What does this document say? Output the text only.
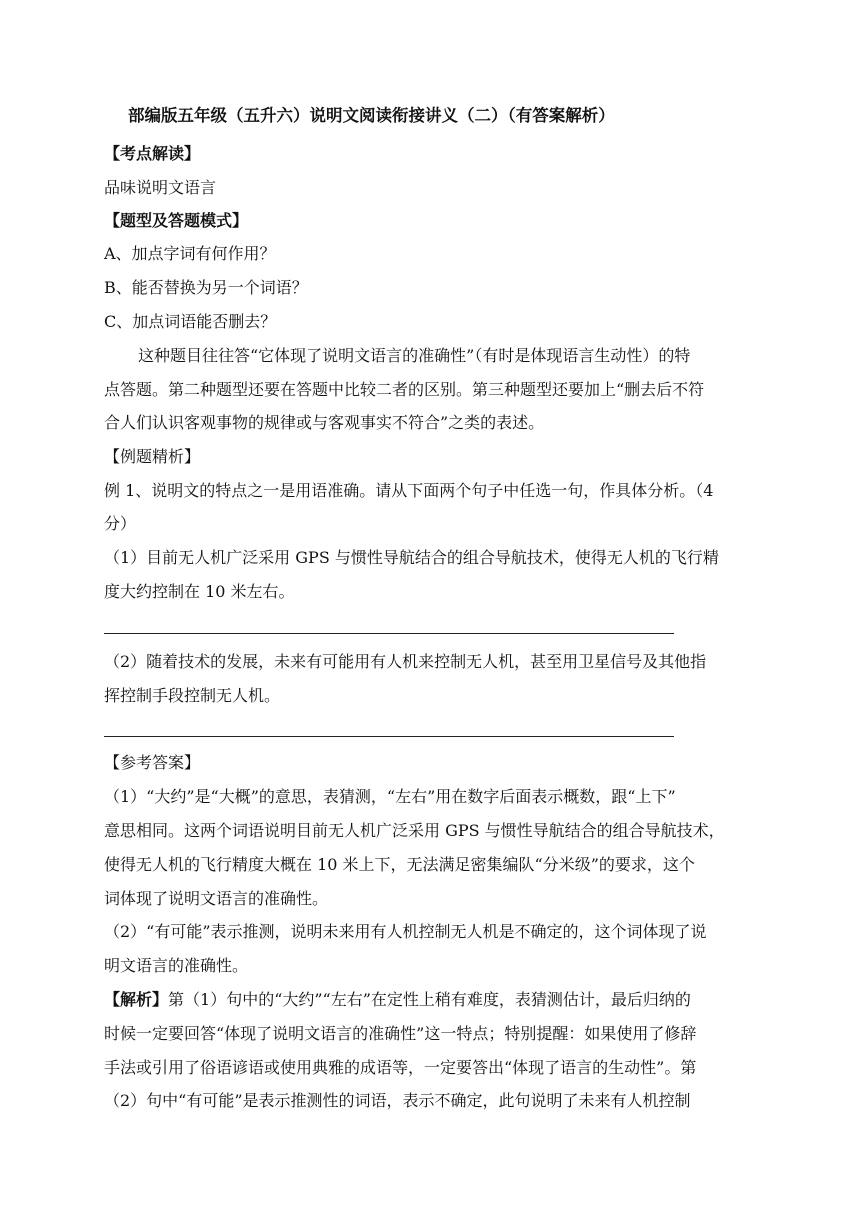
部编版五年级（五升六）说明文阅读衔接讲义（二）（有答案解析）
【考点解读】
品味说明文语言
【题型及答题模式】
A、加点字词有何作用？
B、能否替换为另一个词语？
C、加点词语能否删去？
这种题目往往答“它体现了说明文语言的准确性”（有时是体现语言生动性）的特
点答题。第二种题型还要在答题中比较二者的区别。第三种题型还要加上“删去后不符
合人们认识客观事物的规律或与客观事实不符合”之类的表述。
【例题精析】
例 1、说明文的特点之一是用语准确。请从下面两个句子中任选一句，作具体分析。（4
分）
（1）目前无人机广泛采用 GPS 与惯性导航结合的组合导航技术，使得无人机的飞行精
度大约控制在 10 米左右。
（2）随着技术的发展，未来有可能用有人机来控制无人机，甚至用卫星信号及其他指
挥控制手段控制无人机。
【参考答案】
（1）“大约”是“大概”的意思，表猜测，“左右”用在数字后面表示概数，跟“上下”
意思相同。这两个词语说明目前无人机广泛采用 GPS 与惯性导航结合的组合导航技术，
使得无人机的飞行精度大概在 10 米上下，无法满足密集编队“分米级”的要求，这个
词体现了说明文语言的准确性。
（2）“有可能”表示推测，说明未来用有人机控制无人机是不确定的，这个词体现了说
明文语言的准确性。
【解析】第（1）句中的“大约”“左右”在定性上稍有难度，表猜测估计，最后归纳的
时候一定要回答“体现了说明文语言的准确性”这一特点；特别提醒：如果使用了修辞
手法或引用了俗语谚语或使用典雅的成语等，一定要答出“体现了语言的生动性”。第
（2）句中“有可能”是表示推测性的词语，表示不确定，此句说明了未来有人机控制
